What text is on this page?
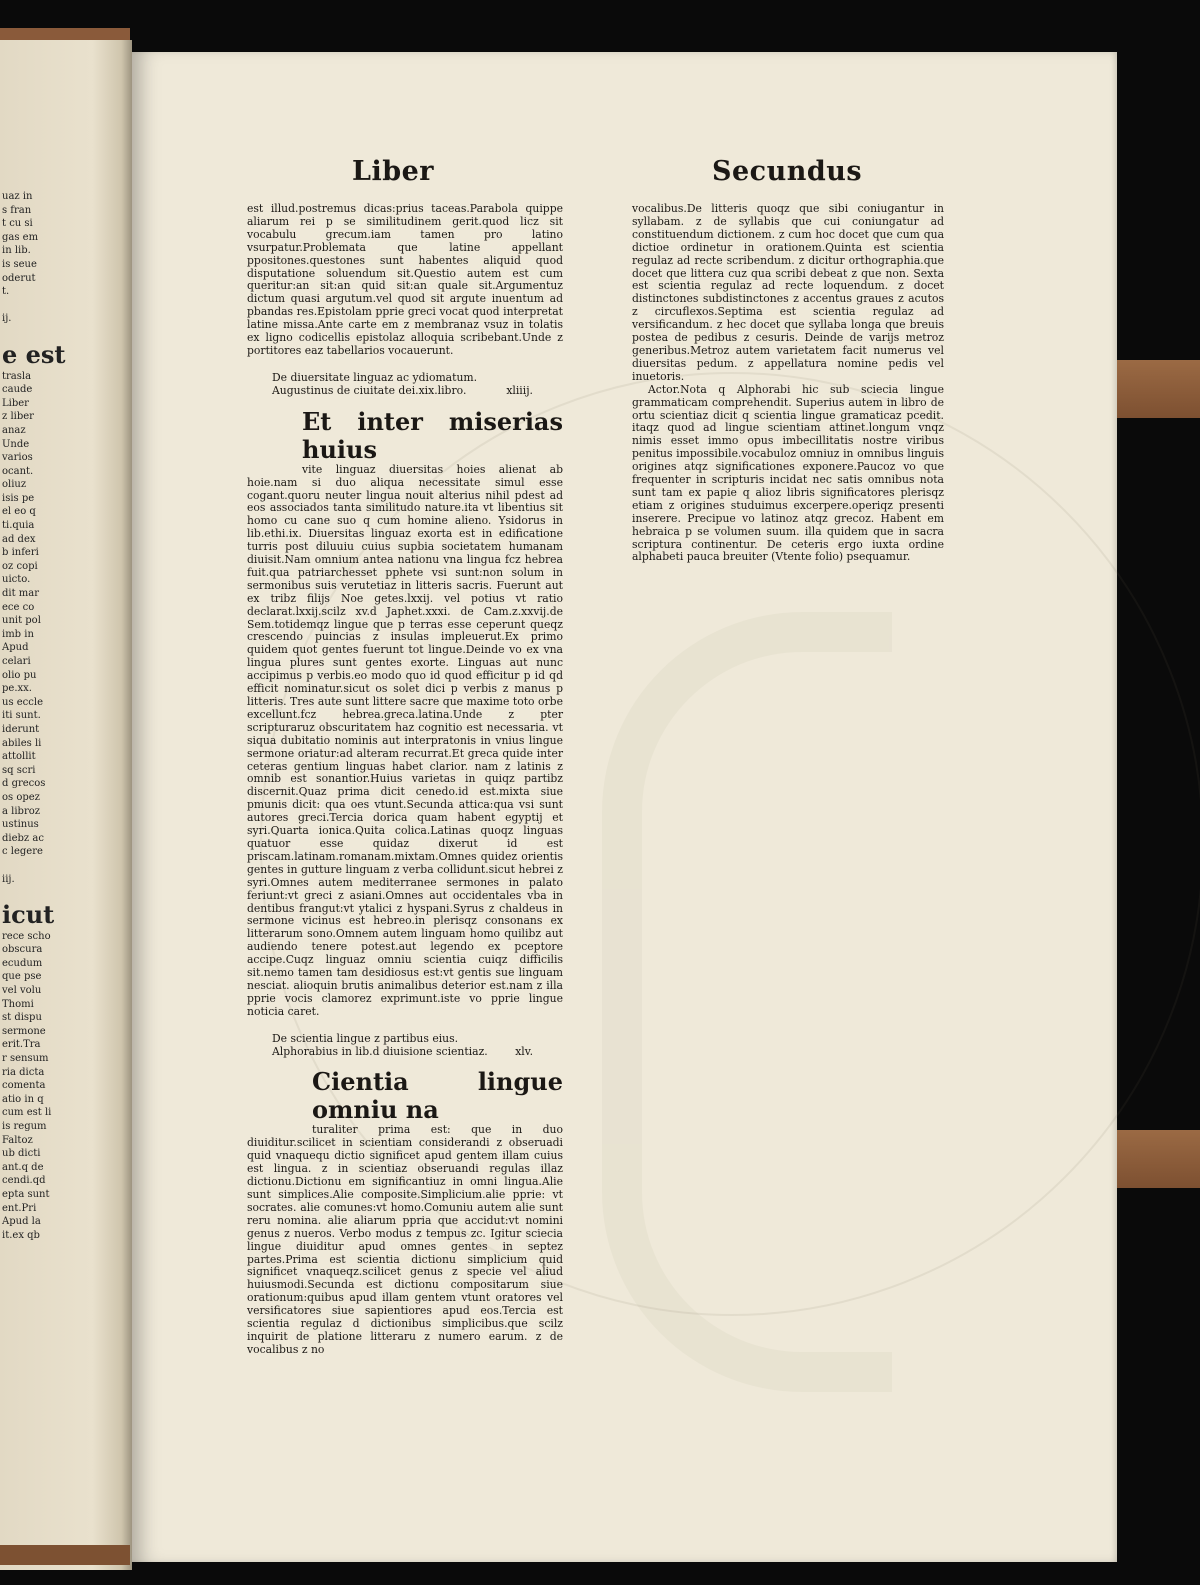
uaz in
s fran
t cu si
gas em
in lib.
is seue
oderut
t.

ij.

e est
trasla
caude
Liber
z liber
anaz
Unde
varios
ocant.
oliuz
isis pe
el eo q
ti.quia
ad dex
b inferi
oz copi
uicto.
dit mar
ece co
unit pol
imb in
Apud
celari
olio pu
pe.xx.
us eccle
iti sunt.
iderunt
abiles li
attollit
sq scri
d grecos
os opez
a libroz
ustinus
diebz ac
c legere

iij.

icut
rece scho
obscura
ecudum
que pse
vel volu
Thomi
st dispu
sermone
erit.Tra
r sensum
ria dicta
comenta
atio in q
cum est li
is regum
Faltoz
ub dicti
ant.q de
cendi.qd
epta sunt
ent.Pri
Apud la
it.ex qb
Liber	Secundus

est illud.postremus dicas:prius taceas.Parabola quippe aliarum rei p se similitudinem gerit.quod licz sit vocabulu grecum.iam tamen pro latino vsurpatur.Problemata que latine appellant ppositones.questones sunt habentes aliquid quod disputatione soluendum sit.Questio autem est cum queritur:an sit:an quid sit:an quale sit.Argumentuz dictum quasi argutum.vel quod sit argute inuentum ad pbandas res.Epistolam pprie greci vocat quod interpretat latine missa.Ante carte em z membranaz vsuz in tolatis ex ligno codicellis epistolaz alloquia scribebant.Unde z portitores eaz tabellarios vocauerunt.

De diuersitate linguaz ac ydiomatum.
Augustinus de ciuitate dei.xix.libro.	xliiij.

Et inter miserias huius

vite linguaz diuersitas hoies alienat ab hoie.nam si duo aliqua necessitate simul esse cogant.quoru neuter lingua nouit alterius nihil pdest ad eos associados tanta similitudo nature.ita vt libentius sit homo cu cane suo q cum homine alieno. Ysidorus in lib.ethi.ix. Diuersitas linguaz exorta est in edificatione turris post diluuiu cuius supbia societatem humanam diuisit.Nam omnium antea nationu vna lingua fcz hebrea fuit.qua patriarchesset pphete vsi sunt:non solum in sermonibus suis verutetiaz in litteris sacris. Fuerunt aut ex tribz filijs Noe getes.lxxij. vel potius vt ratio declarat.lxxij.scilz xv.d Japhet.xxxi. de Cam.z.xxvij.de Sem.totidemqz lingue que p terras esse ceperunt queqz crescendo puincias z insulas impleuerut.Ex primo quidem quot gentes fuerunt tot lingue.Deinde vo ex vna lingua plures sunt gentes exorte. Linguas aut nunc accipimus p verbis.eo modo quo id quod efficitur p id qd efficit nominatur.sicut os solet dici p verbis z manus p litteris. Tres aute sunt littere sacre que maxime toto orbe excellunt.fcz hebrea.greca.latina.Unde z pter scripturaruz obscuritatem haz cognitio est necessaria. vt siqua dubitatio nominis aut interpratonis in vnius lingue sermone oriatur:ad alteram recurrat.Et greca quide inter ceteras gentium linguas habet clarior. nam z latinis z omnib est sonantior.Huius varietas in quiqz partibz discernit.Quaz prima dicit cenedo.id est.mixta siue pmunis dicit: qua oes vtunt.Secunda attica:qua vsi sunt autores greci.Tercia dorica quam habent egyptij et syri.Quarta ionica.Quita colica.Latinas quoqz linguas quatuor esse quidaz dixerut id est priscam.latinam.romanam.mixtam.Omnes quidez orientis gentes in gutture linguam z verba collidunt.sicut hebrei z syri.Omnes autem mediterranee sermones in palato feriunt:vt greci z asiani.Omnes aut occidentales vba in dentibus frangut:vt ytalici z hyspani.Syrus z chaldeus in sermone vicinus est hebreo.in plerisqz consonans ex litterarum sono.Omnem autem linguam homo quilibz aut audiendo tenere potest.aut legendo ex pceptore accipe.Cuqz linguaz omniu scientia cuiqz difficilis sit.nemo tamen tam desidiosus est:vt gentis sue linguam nesciat. alioquin brutis animalibus deterior est.nam z illa pprie vocis clamorez exprimunt.iste vo pprie lingue noticia caret.

De scientia lingue z partibus eius.
Alphorabius in lib.d diuisione scientiaz.	xlv.

Cientia lingue omniu na

turaliter prima est: que in duo diuiditur.scilicet in scientiam considerandi z obseruadi quid vnaquequ dictio significet apud gentem illam cuius est lingua. z in scientiaz obseruandi regulas illaz dictionu.Dictionu em significantiuz in omni lingua.Alie sunt simplices.Alie composite.Simplicium.alie pprie: vt socrates. alie comunes:vt homo.Comuniu autem alie sunt reru nomina. alie aliarum ppria que accidut:vt nomini genus z nueros. Verbo modus z tempus zc. Igitur sciecia lingue diuiditur apud omnes gentes in septez partes.Prima est scientia dictionu simplicium quid significet vnaqueqz.scilicet genus z specie vel aliud huiusmodi.Secunda est dictionu compositarum siue orationum:quibus apud illam gentem vtunt oratores vel versificatores siue sapientiores apud eos.Tercia est scientia regulaz d dictionibus simplicibus.que scilz inquirit de platione litteraru z numero earum. z de vocalibus z no

vocalibus.De litteris quoqz que sibi coniugantur in syllabam. z de syllabis que cui coniungatur ad constituendum dictionem. z cum hoc docet que cum qua dictioe ordinetur in orationem.Quinta est scientia regulaz ad recte scribendum. z dicitur orthographia.que docet que littera cuz qua scribi debeat z que non. Sexta est scientia regulaz ad recte loquendum. z docet distinctones subdistinctones z accentus graues z acutos z circuflexos.Septima est scientia regulaz ad versificandum. z hec docet que syllaba longa que breuis postea de pedibus z cesuris. Deinde de varijs metroz generibus.Metroz autem varietatem facit numerus vel diuersitas pedum. z appellatura nomine pedis vel inuetoris.

Actor.Nota q Alphorabi hic sub sciecia lingue grammaticam comprehendit. Superius autem in libro de ortu scientiaz dicit q scientia lingue gramaticaz pcedit. itaqz quod ad lingue scientiam attinet.longum vnqz nimis esset immo opus imbecillitatis nostre viribus penitus impossibile.vocabuloz omniuz in omnibus linguis origines atqz significationes exponere.Paucoz vo que frequenter in scripturis incidat nec satis omnibus nota sunt tam ex papie q alioz libris significatores plerisqz etiam z origines studuimus excerpere.operiqz presenti inserere. Precipue vo latinoz atqz grecoz. Habent em hebraica p se volumen suum. illa quidem que in sacra scriptura continentur. De ceteris ergo iuxta ordine alphabeti pauca breuiter (Vtente folio) psequamur.
